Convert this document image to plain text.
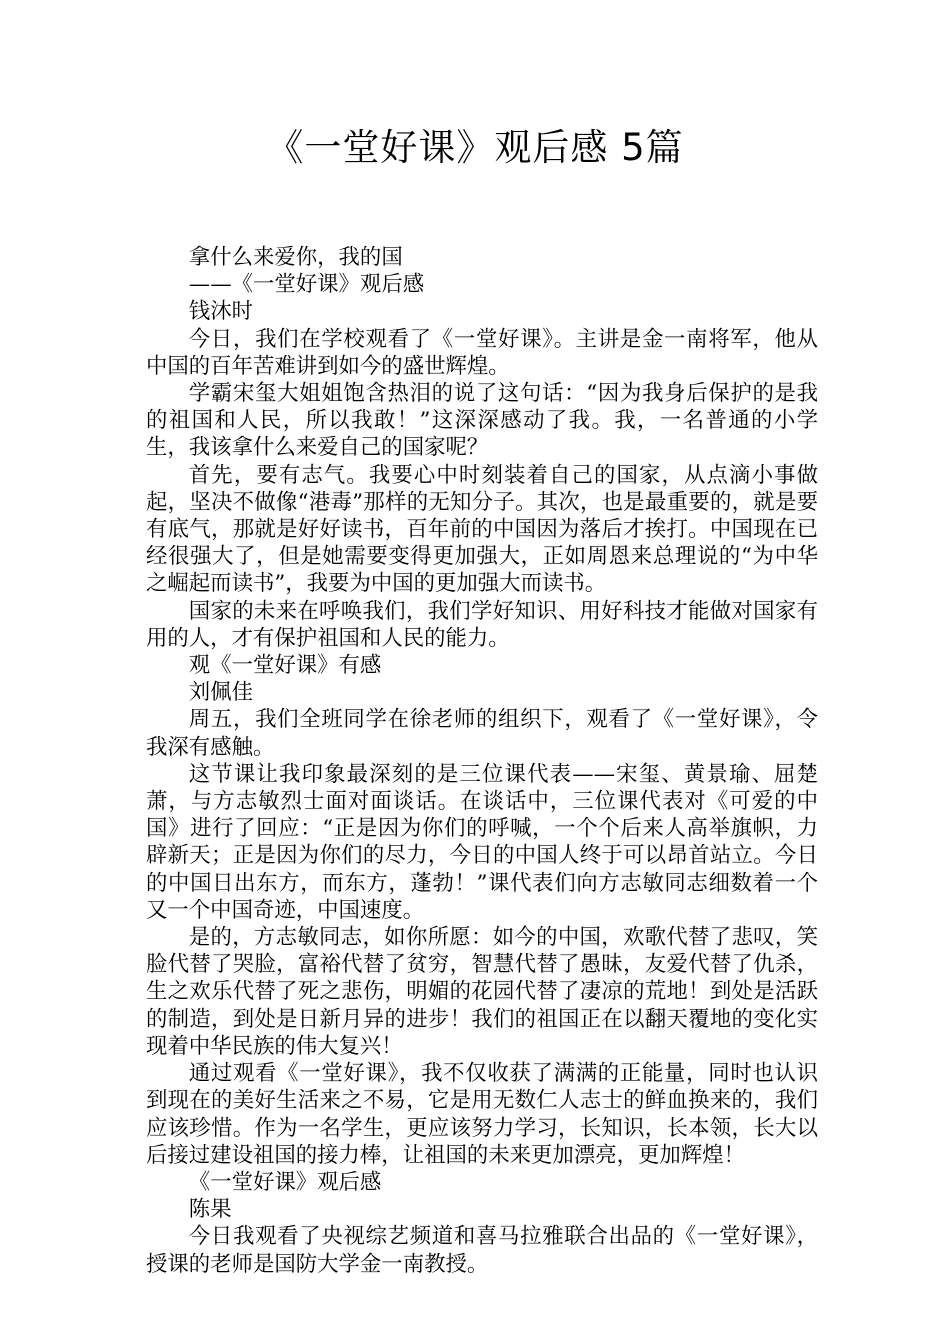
《一堂好课》观后感 5篇

拿什么来爱你，我的国

——《一堂好课》观后感

钱沐时

今日，我们在学校观看了《一堂好课》。主讲是金一南将军，他从中国的百年苦难讲到如今的盛世辉煌。

学霸宋玺大姐姐饱含热泪的说了这句话：“因为我身后保护的是我的祖国和人民，所以我敢！”这深深感动了我。我，一名普通的小学生，我该拿什么来爱自己的国家呢？

首先，要有志气。我要心中时刻装着自己的国家，从点滴小事做起，坚决不做像“港毒”那样的无知分子。其次，也是最重要的，就是要有底气，那就是好好读书，百年前的中国因为落后才挨打。中国现在已经很强大了，但是她需要变得更加强大，正如周恩来总理说的“为中华之崛起而读书”，我要为中国的更加强大而读书。

国家的未来在呼唤我们，我们学好知识、用好科技才能做对国家有用的人，才有保护祖国和人民的能力。

观《一堂好课》有感

刘佩佳

周五，我们全班同学在徐老师的组织下，观看了《一堂好课》，令我深有感触。

这节课让我印象最深刻的是三位课代表——宋玺、黄景瑜、屈楚萧，与方志敏烈士面对面谈话。在谈话中，三位课代表对《可爱的中国》进行了回应：“正是因为你们的呼喊，一个个后来人高举旗帜，力辟新天；正是因为你们的尽力，今日的中国人终于可以昂首站立。今日的中国日出东方，而东方，蓬勃！”课代表们向方志敏同志细数着一个又一个中国奇迹，中国速度。

是的，方志敏同志，如你所愿：如今的中国，欢歌代替了悲叹，笑脸代替了哭脸，富裕代替了贫穷，智慧代替了愚昧，友爱代替了仇杀，生之欢乐代替了死之悲伤，明媚的花园代替了凄凉的荒地！到处是活跃的制造，到处是日新月异的进步！我们的祖国正在以翻天覆地的变化实现着中华民族的伟大复兴！

通过观看《一堂好课》，我不仅收获了满满的正能量，同时也认识到现在的美好生活来之不易，它是用无数仁人志士的鲜血换来的，我们应该珍惜。作为一名学生，更应该努力学习，长知识，长本领，长大以后接过建设祖国的接力棒，让祖国的未来更加漂亮，更加辉煌！

《一堂好课》观后感

陈果

今日我观看了央视综艺频道和喜马拉雅联合出品的《一堂好课》，授课的老师是国防大学金一南教授。
